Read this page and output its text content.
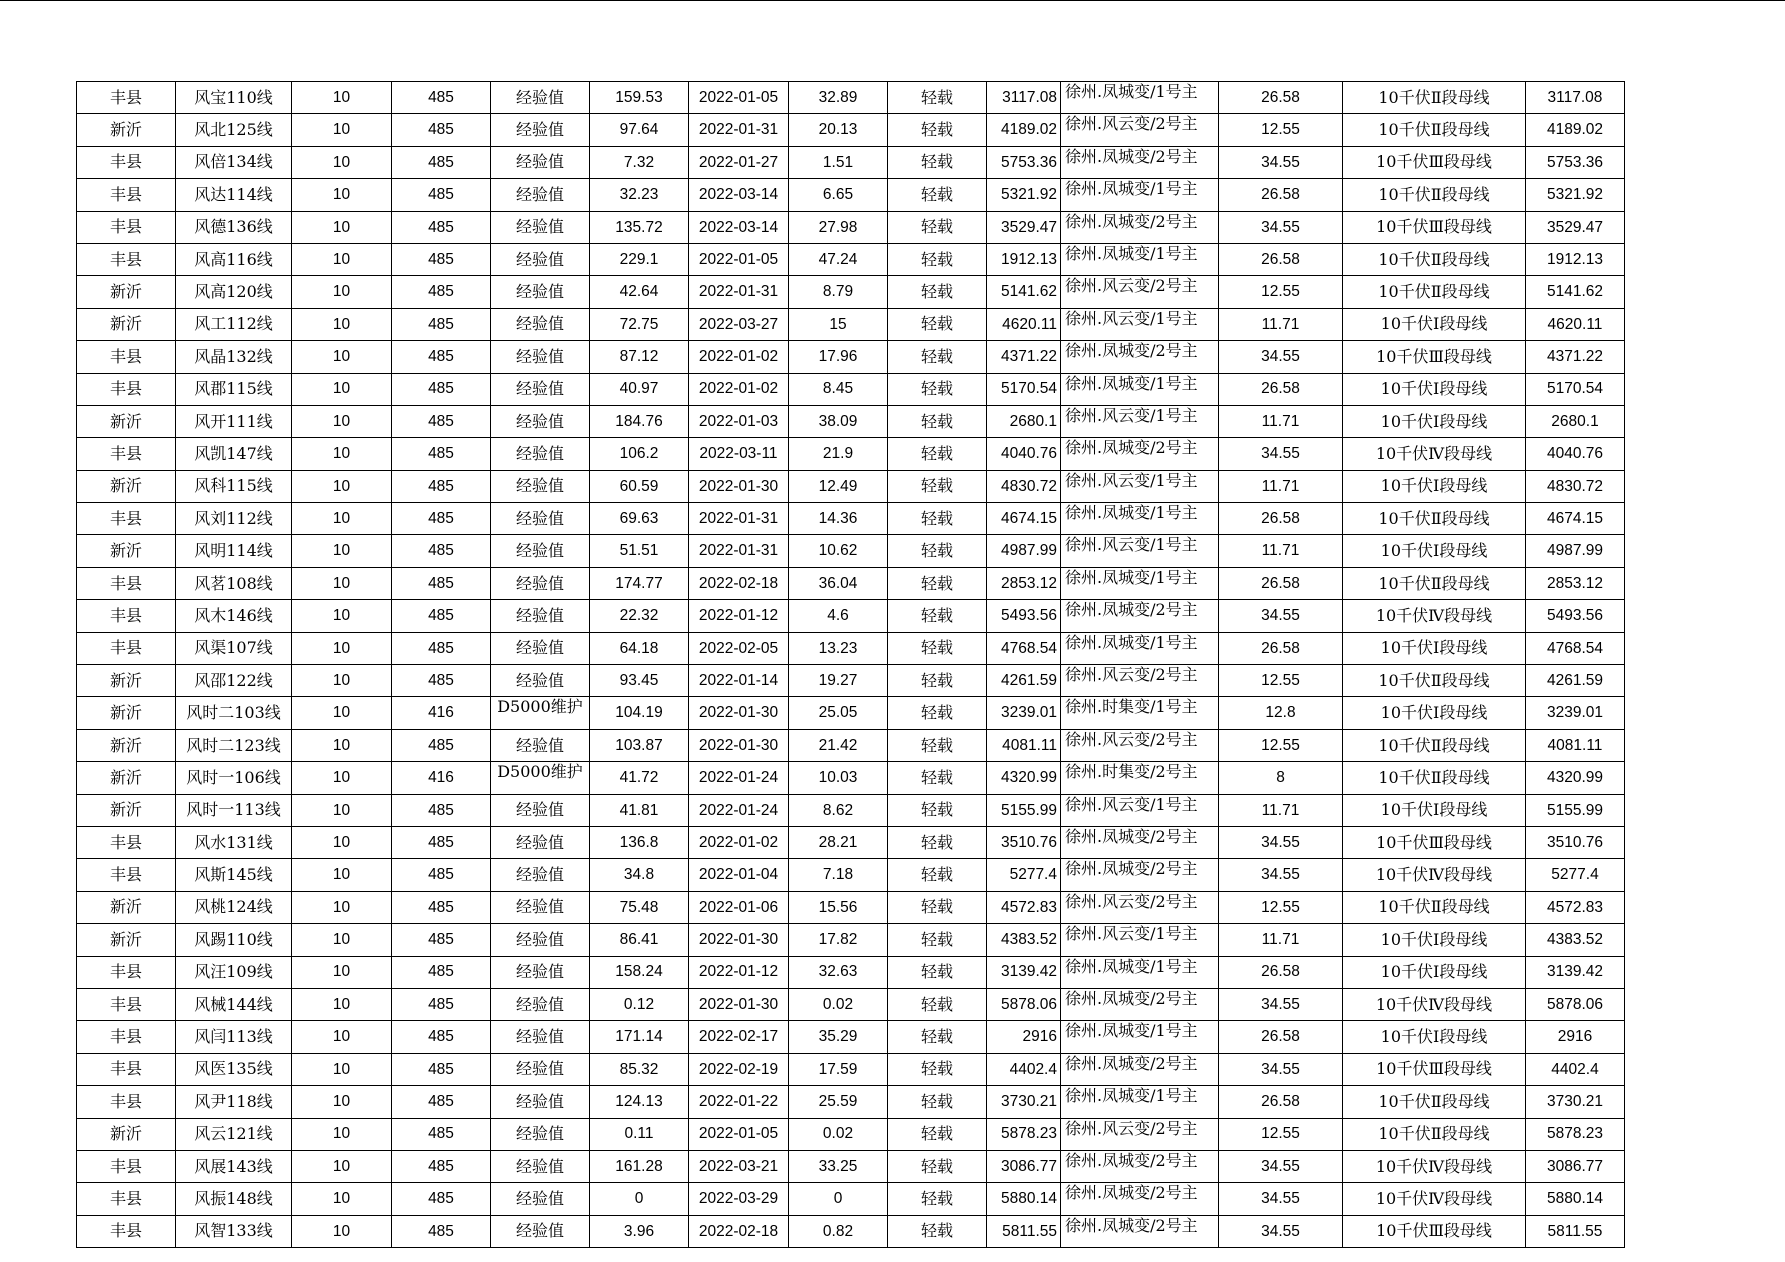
丰县	风宝110线	10	485	经验值	159.53	2022-01-05	32.89	轻载	3117.08	徐州.凤城变/1号主	26.58	10千伏Ⅱ段母线	3117.08
新沂	风北125线	10	485	经验值	97.64	2022-01-31	20.13	轻载	4189.02	徐州.风云变/2号主	12.55	10千伏Ⅱ段母线	4189.02
丰县	风倍134线	10	485	经验值	7.32	2022-01-27	1.51	轻载	5753.36	徐州.凤城变/2号主	34.55	10千伏Ⅲ段母线	5753.36
丰县	风达114线	10	485	经验值	32.23	2022-03-14	6.65	轻载	5321.92	徐州.凤城变/1号主	26.58	10千伏Ⅱ段母线	5321.92
丰县	风德136线	10	485	经验值	135.72	2022-03-14	27.98	轻载	3529.47	徐州.凤城变/2号主	34.55	10千伏Ⅲ段母线	3529.47
丰县	风高116线	10	485	经验值	229.1	2022-01-05	47.24	轻载	1912.13	徐州.凤城变/1号主	26.58	10千伏Ⅱ段母线	1912.13
新沂	风高120线	10	485	经验值	42.64	2022-01-31	8.79	轻载	5141.62	徐州.风云变/2号主	12.55	10千伏Ⅱ段母线	5141.62
新沂	风工112线	10	485	经验值	72.75	2022-03-27	15	轻载	4620.11	徐州.风云变/1号主	11.71	10千伏Ⅰ段母线	4620.11
丰县	风晶132线	10	485	经验值	87.12	2022-01-02	17.96	轻载	4371.22	徐州.凤城变/2号主	34.55	10千伏Ⅲ段母线	4371.22
丰县	风郡115线	10	485	经验值	40.97	2022-01-02	8.45	轻载	5170.54	徐州.凤城变/1号主	26.58	10千伏Ⅰ段母线	5170.54
新沂	风开111线	10	485	经验值	184.76	2022-01-03	38.09	轻载	2680.1	徐州.风云变/1号主	11.71	10千伏Ⅰ段母线	2680.1
丰县	风凯147线	10	485	经验值	106.2	2022-03-11	21.9	轻载	4040.76	徐州.凤城变/2号主	34.55	10千伏Ⅳ段母线	4040.76
新沂	风科115线	10	485	经验值	60.59	2022-01-30	12.49	轻载	4830.72	徐州.风云变/1号主	11.71	10千伏Ⅰ段母线	4830.72
丰县	风刘112线	10	485	经验值	69.63	2022-01-31	14.36	轻载	4674.15	徐州.凤城变/1号主	26.58	10千伏Ⅱ段母线	4674.15
新沂	风明114线	10	485	经验值	51.51	2022-01-31	10.62	轻载	4987.99	徐州.风云变/1号主	11.71	10千伏Ⅰ段母线	4987.99
丰县	风茗108线	10	485	经验值	174.77	2022-02-18	36.04	轻载	2853.12	徐州.凤城变/1号主	26.58	10千伏Ⅱ段母线	2853.12
丰县	风木146线	10	485	经验值	22.32	2022-01-12	4.6	轻载	5493.56	徐州.凤城变/2号主	34.55	10千伏Ⅳ段母线	5493.56
丰县	风渠107线	10	485	经验值	64.18	2022-02-05	13.23	轻载	4768.54	徐州.凤城变/1号主	26.58	10千伏Ⅰ段母线	4768.54
新沂	风邵122线	10	485	经验值	93.45	2022-01-14	19.27	轻载	4261.59	徐州.风云变/2号主	12.55	10千伏Ⅱ段母线	4261.59
新沂	风时二103线	10	416	D5000维护	104.19	2022-01-30	25.05	轻载	3239.01	徐州.时集变/1号主	12.8	10千伏Ⅰ段母线	3239.01
新沂	风时二123线	10	485	经验值	103.87	2022-01-30	21.42	轻载	4081.11	徐州.风云变/2号主	12.55	10千伏Ⅱ段母线	4081.11
新沂	风时一106线	10	416	D5000维护	41.72	2022-01-24	10.03	轻载	4320.99	徐州.时集变/2号主	8	10千伏Ⅱ段母线	4320.99
新沂	风时一113线	10	485	经验值	41.81	2022-01-24	8.62	轻载	5155.99	徐州.风云变/1号主	11.71	10千伏Ⅰ段母线	5155.99
丰县	风水131线	10	485	经验值	136.8	2022-01-02	28.21	轻载	3510.76	徐州.凤城变/2号主	34.55	10千伏Ⅲ段母线	3510.76
丰县	风斯145线	10	485	经验值	34.8	2022-01-04	7.18	轻载	5277.4	徐州.凤城变/2号主	34.55	10千伏Ⅳ段母线	5277.4
新沂	风桃124线	10	485	经验值	75.48	2022-01-06	15.56	轻载	4572.83	徐州.风云变/2号主	12.55	10千伏Ⅱ段母线	4572.83
新沂	风踢110线	10	485	经验值	86.41	2022-01-30	17.82	轻载	4383.52	徐州.风云变/1号主	11.71	10千伏Ⅰ段母线	4383.52
丰县	风汪109线	10	485	经验值	158.24	2022-01-12	32.63	轻载	3139.42	徐州.凤城变/1号主	26.58	10千伏Ⅰ段母线	3139.42
丰县	风械144线	10	485	经验值	0.12	2022-01-30	0.02	轻载	5878.06	徐州.凤城变/2号主	34.55	10千伏Ⅳ段母线	5878.06
丰县	风闫113线	10	485	经验值	171.14	2022-02-17	35.29	轻载	2916	徐州.凤城变/1号主	26.58	10千伏Ⅰ段母线	2916
丰县	风医135线	10	485	经验值	85.32	2022-02-19	17.59	轻载	4402.4	徐州.凤城变/2号主	34.55	10千伏Ⅲ段母线	4402.4
丰县	风尹118线	10	485	经验值	124.13	2022-01-22	25.59	轻载	3730.21	徐州.凤城变/1号主	26.58	10千伏Ⅱ段母线	3730.21
新沂	风云121线	10	485	经验值	0.11	2022-01-05	0.02	轻载	5878.23	徐州.风云变/2号主	12.55	10千伏Ⅱ段母线	5878.23
丰县	风展143线	10	485	经验值	161.28	2022-03-21	33.25	轻载	3086.77	徐州.凤城变/2号主	34.55	10千伏Ⅳ段母线	3086.77
丰县	风振148线	10	485	经验值	0	2022-03-29	0	轻载	5880.14	徐州.凤城变/2号主	34.55	10千伏Ⅳ段母线	5880.14
丰县	风智133线	10	485	经验值	3.96	2022-02-18	0.82	轻载	5811.55	徐州.凤城变/2号主	34.55	10千伏Ⅲ段母线	5811.55
